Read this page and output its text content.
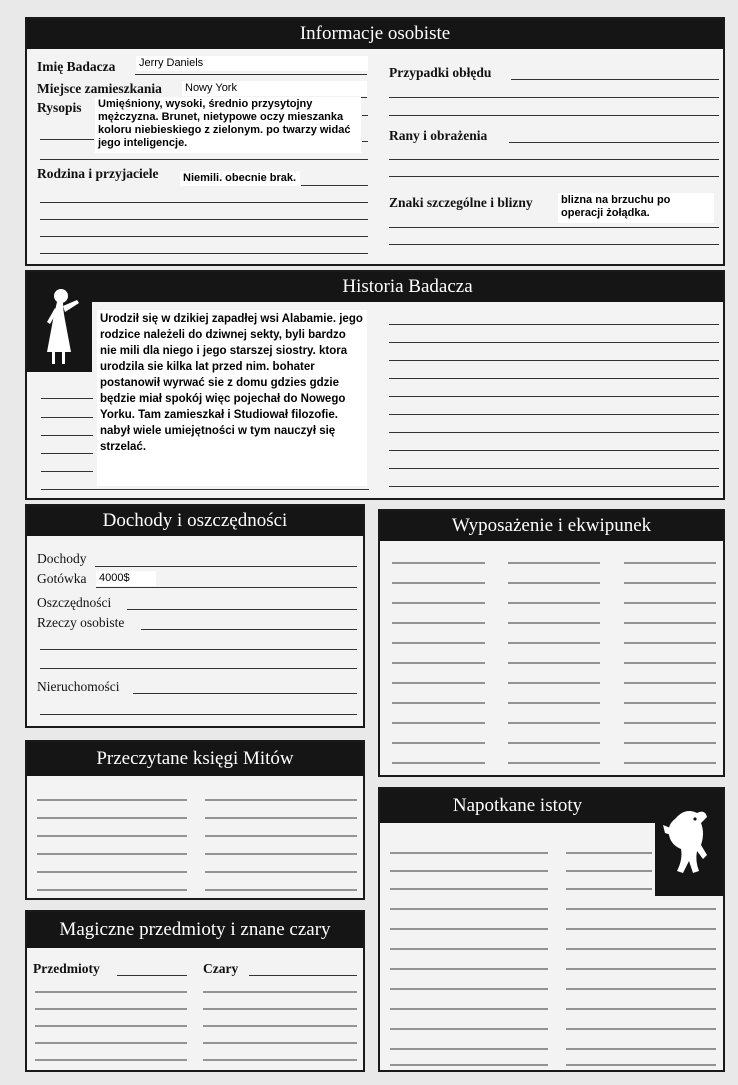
Informacje osobiste
Imię Badacza Jerry Daniels
Miejsce zamieszkania Nowy York
Rysopis Umięśniony, wysoki, średnio przysytojny mężczyzna. Brunet, nietypowe oczy mieszanka koloru niebieskiego z zielonym. po twarzy widać jego inteligencje.
Rodzina i przyjaciele Niemili. obecnie brak.
Przypadki obłędu
Rany i obrażenia
Znaki szczególne i blizny	blizna na brzuchu po operacji żołądka.
Historia Badacza
Urodził się w dzikiej zapadłej wsi Alabamie. jego rodzice należeli do dziwnej sekty, byli bardzo nie mili dla niego i jego starszej siostry. ktora urodzila sie kilka lat przed nim. bohater postanowił wyrwać sie z domu gdzies gdzie będzie miał spokój więc pojechał do Nowego Yorku. Tam zamieszkał i Studiował filozofie. nabył wiele umiejętności w tym nauczył się strzelać.
Dochody i oszczędności
Dochody
Gotówka 4000$
Oszczędności
Rzeczy osobiste
Nieruchomości
Wyposażenie i ekwipunek
Przeczytane księgi Mitów
Magiczne przedmioty i znane czary
Przedmioty	Czary
Napotkane istoty
